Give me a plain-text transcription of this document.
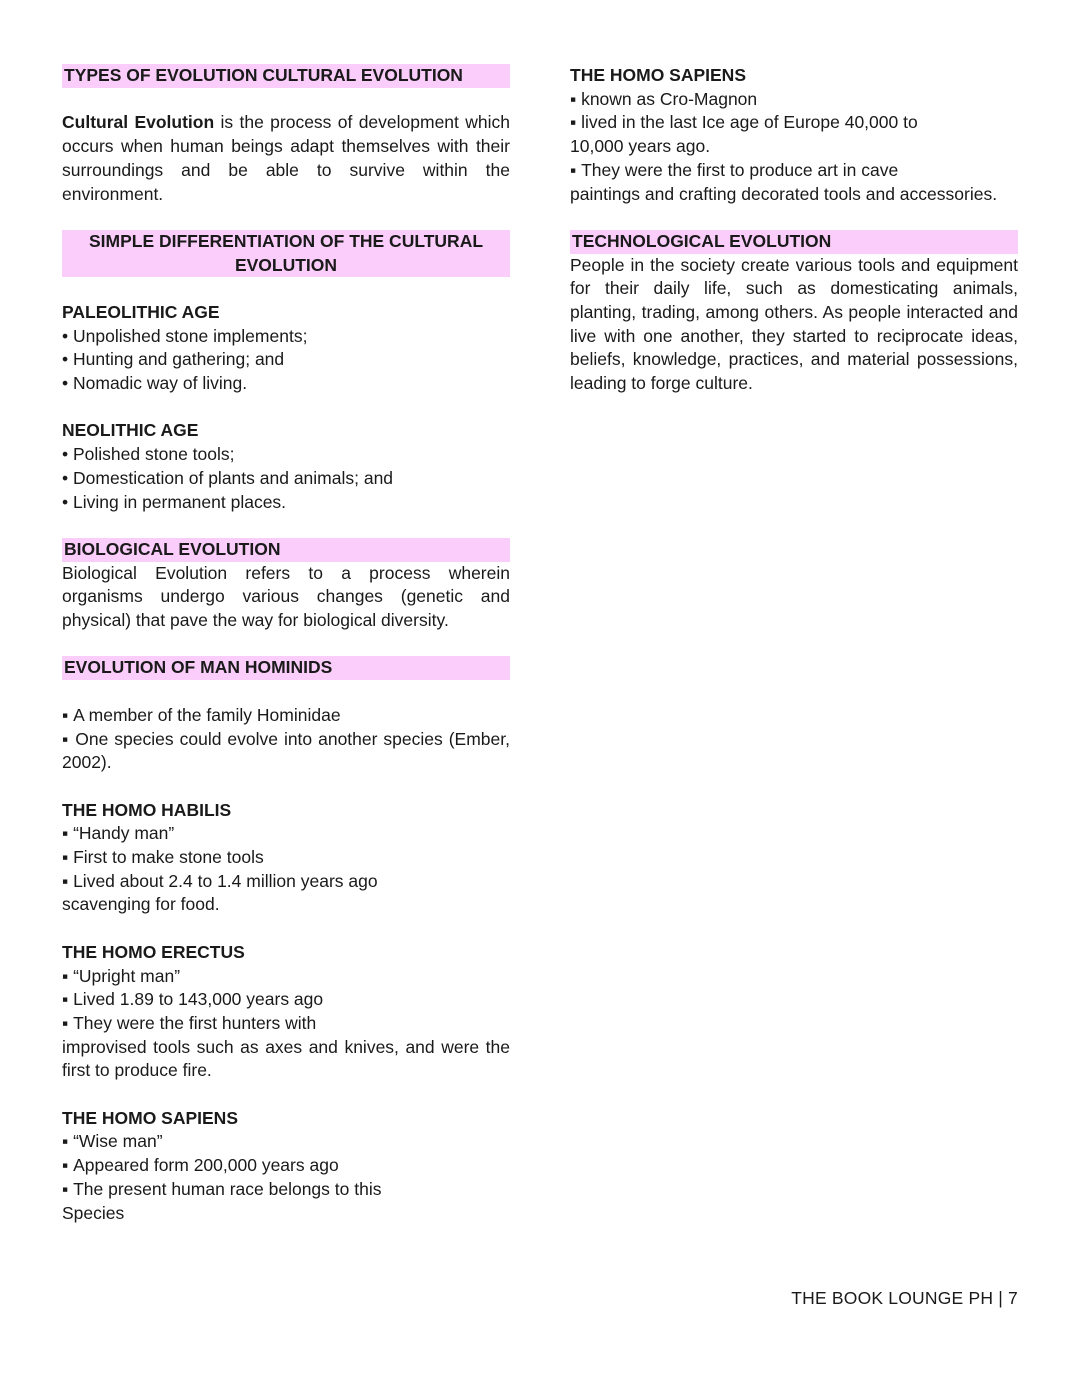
TYPES OF EVOLUTION CULTURAL EVOLUTION

Cultural Evolution is the process of development which occurs when human beings adapt themselves with their surroundings and be able to survive within the environment.

SIMPLE DIFFERENTIATION OF THE CULTURAL EVOLUTION

PALEOLITHIC AGE

• Unpolished stone implements;

• Hunting and gathering; and

• Nomadic way of living.

NEOLITHIC AGE

• Polished stone tools;

• Domestication of plants and animals; and

• Living in permanent places.

BIOLOGICAL EVOLUTION

Biological Evolution refers to a process wherein organisms undergo various changes (genetic and physical) that pave the way for biological diversity.

EVOLUTION OF MAN HOMINIDS

▪ A member of the family Hominidae

▪ One species could evolve into another species (Ember, 2002).

THE HOMO HABILIS

▪ “Handy man”

▪ First to make stone tools

▪ Lived about 2.4 to 1.4 million years ago

scavenging for food.

THE HOMO ERECTUS

▪ “Upright man”

▪ Lived 1.89 to 143,000 years ago

▪ They were the first hunters with

improvised tools such as axes and knives, and were the first to produce fire.

THE HOMO SAPIENS

▪ “Wise man”

▪ Appeared form 200,000 years ago

▪ The present human race belongs to this

Species

THE HOMO SAPIENS

▪ known as Cro-Magnon

▪ lived in the last Ice age of Europe 40,000 to

10,000 years ago.

▪ They were the first to produce art in cave

paintings and crafting decorated tools and accessories.

TECHNOLOGICAL EVOLUTION

People in the society create various tools and equipment for their daily life, such as domesticating animals, planting, trading, among others. As people interacted and live with one another, they started to reciprocate ideas, beliefs, knowledge, practices, and material possessions, leading to forge culture.

THE BOOK LOUNGE PH | 7
